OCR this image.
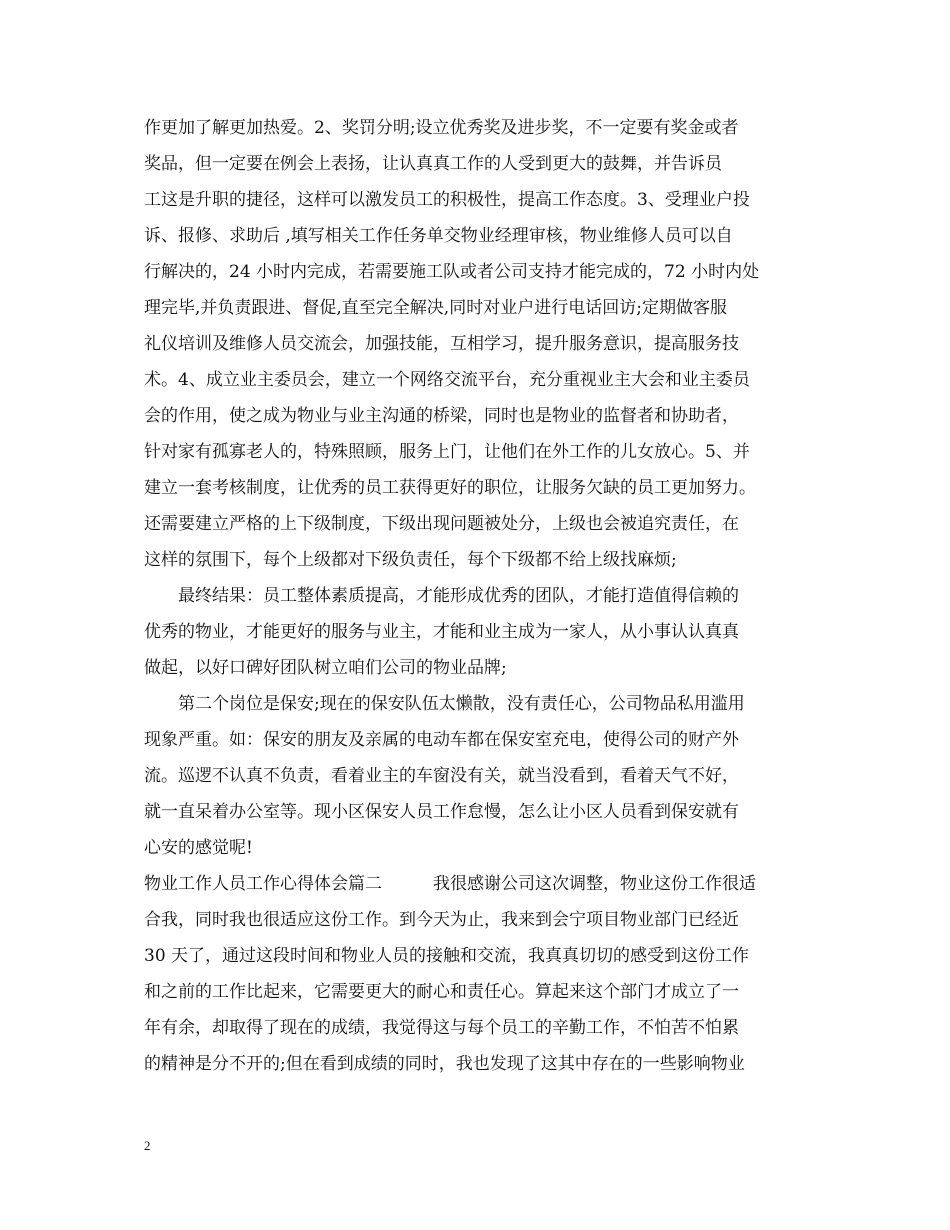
作更加了解更加热爱。2、奖罚分明;设立优秀奖及进步奖，不一定要有奖金或者
奖品，但一定要在例会上表扬，让认真真工作的人受到更大的鼓舞，并告诉员
工这是升职的捷径，这样可以激发员工的积极性，提高工作态度。3、受理业户投
诉、报修、求助后 ,填写相关工作任务单交物业经理审核，物业维修人员可以自
行解决的，24 小时内完成，若需要施工队或者公司支持才能完成的，72 小时内处
理完毕,并负责跟进、督促,直至完全解决,同时对业户进行电话回访;定期做客服
礼仪培训及维修人员交流会，加强技能，互相学习，提升服务意识，提高服务技
术。4、成立业主委员会，建立一个网络交流平台，充分重视业主大会和业主委员
会的作用，使之成为物业与业主沟通的桥梁，同时也是物业的监督者和协助者，
针对家有孤寡老人的，特殊照顾，服务上门，让他们在外工作的儿女放心。5、并
建立一套考核制度，让优秀的员工获得更好的职位，让服务欠缺的员工更加努力。
还需要建立严格的上下级制度，下级出现问题被处分，上级也会被追究责任，在
这样的氛围下，每个上级都对下级负责任，每个下级都不给上级找麻烦;
最终结果：员工整体素质提高，才能形成优秀的团队，才能打造值得信赖的
优秀的物业，才能更好的服务与业主，才能和业主成为一家人，从小事认认真真
做起，以好口碑好团队树立咱们公司的物业品牌;
第二个岗位是保安;现在的保安队伍太懒散，没有责任心，公司物品私用滥用
现象严重。如：保安的朋友及亲属的电动车都在保安室充电，使得公司的财产外
流。巡逻不认真不负责，看着业主的车窗没有关，就当没看到，看着天气不好，
就一直呆着办公室等。现小区保安人员工作怠慢，怎么让小区人员看到保安就有
心安的感觉呢!
物业工作人员工作心得体会篇二　　　我很感谢公司这次调整，物业这份工作很适
合我，同时我也很适应这份工作。到今天为止，我来到会宁项目物业部门已经近
30 天了，通过这段时间和物业人员的接触和交流，我真真切切的感受到这份工作
和之前的工作比起来，它需要更大的耐心和责任心。算起来这个部门才成立了一
年有余，却取得了现在的成绩，我觉得这与每个员工的辛勤工作，不怕苦不怕累
的精神是分不开的;但在看到成绩的同时，我也发现了这其中存在的一些影响物业
2
